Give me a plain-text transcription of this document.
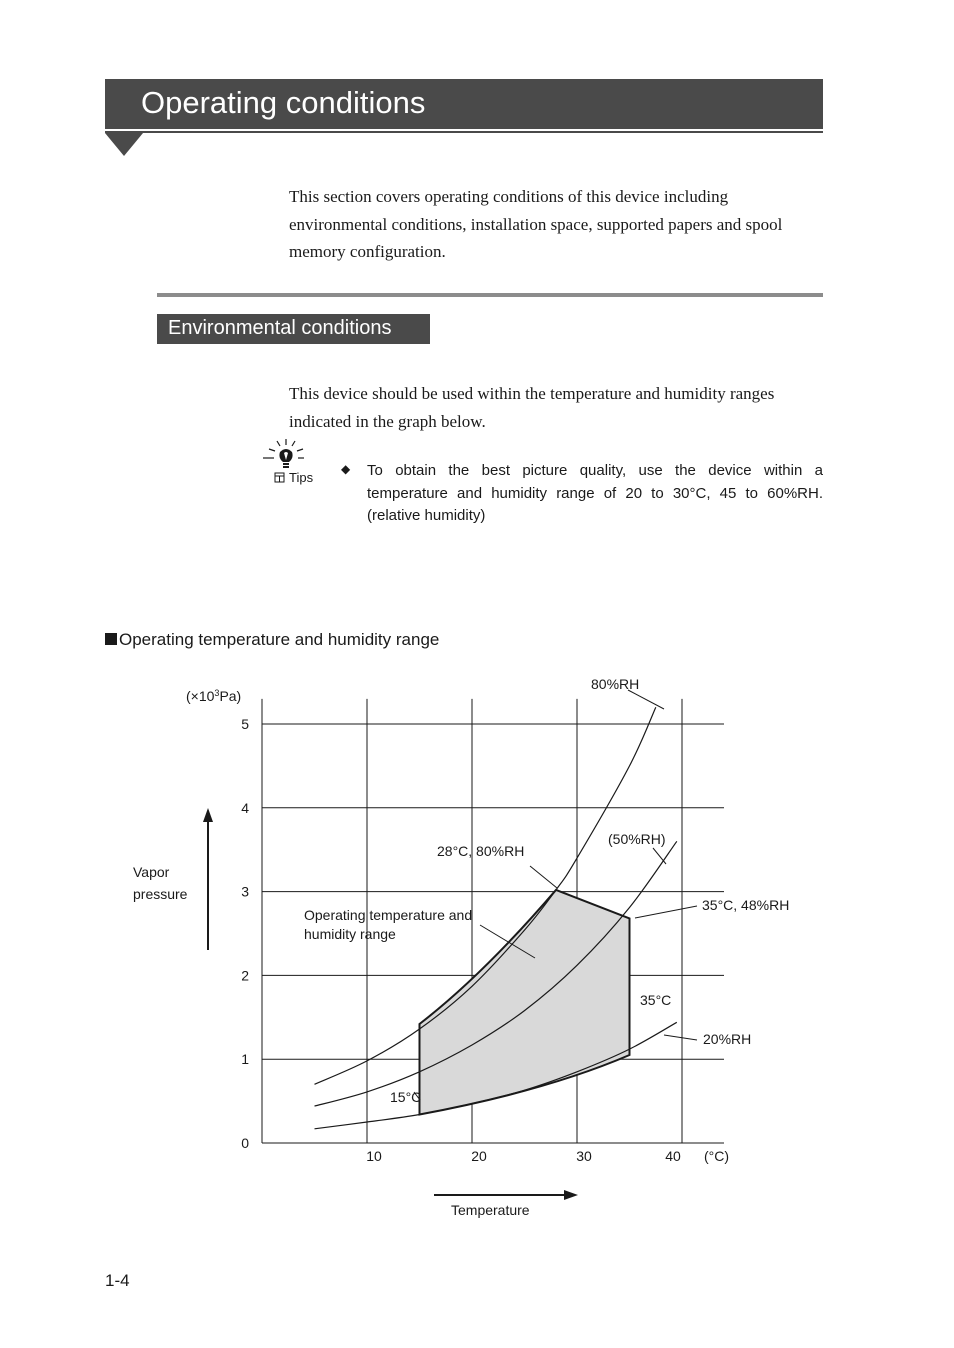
Operating conditions

This section covers operating conditions of this device including

environmental conditions, installation space, supported papers and spool

memory configuration.

Environmental conditions

This device should be used within the temperature and humidity ranges

indicated in the graph below.

Tips
◆ To obtain the best picture quality, use the device within a temperature and humidity range of 20 to 30°C, 45 to 60%RH. (relative humidity)

Operating temperature and humidity range
10	20	30	40
0
1
2
3
4
5
$(\times 10^3Pa)$
(°C)
Vapor
pressure
Temperature
80%RH
(50%RH)
20%RH
28°C, 80%RH
35°C, 48%RH
35°C
15°C
Operating temperature and
humidity range

1-4
